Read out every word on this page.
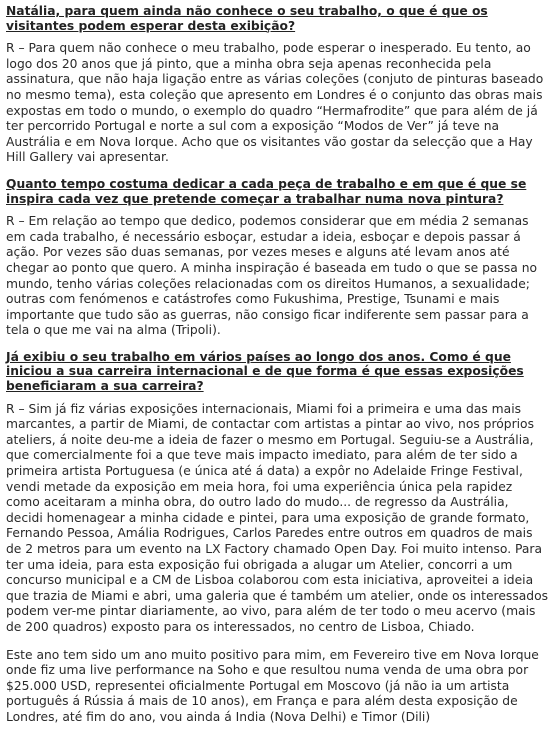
Natália, para quem ainda não conhece o seu trabalho, o que é que os visitantes podem esperar desta exibição?

R – Para quem não conhece o meu trabalho, pode esperar o inesperado. Eu tento, ao logo dos 20 anos que já pinto, que a minha obra seja apenas reconhecida pela assinatura, que não haja ligação entre as várias coleções (conjuto de pinturas baseado no mesmo tema), esta coleção que apresento em Londres é o conjunto das obras mais expostas em todo o mundo, o exemplo do quadro “Hermafrodite” que para além de já ter percorrido Portugal e norte a sul com a exposição “Modos de Ver” já teve na Austrália e em Nova Iorque. Acho que os visitantes vão gostar da selecção que a Hay Hill Gallery vai apresentar.

Quanto tempo costuma dedicar a cada peça de trabalho e em que é que se inspira cada vez que pretende começar a trabalhar numa nova pintura?

R – Em relação ao tempo que dedico, podemos considerar que em média 2 semanas em cada trabalho, é necessário esboçar, estudar a ideia, esboçar e depois passar á ação. Por vezes são duas semanas, por vezes meses e alguns até levam anos até chegar ao ponto que quero. A minha inspiração é baseada em tudo o que se passa no mundo, tenho várias coleções relacionadas com os direitos Humanos, a sexualidade; outras com fenómenos e catástrofes como Fukushima, Prestige, Tsunami e mais importante que tudo são as guerras, não consigo ficar indiferente sem passar para a tela o que me vai na alma (Tripoli).

Já exibiu o seu trabalho em vários países ao longo dos anos. Como é que iniciou a sua carreira internacional e de que forma é que essas exposições beneficiaram a sua carreira?

R – Sim já fiz várias exposições internacionais, Miami foi a primeira e uma das mais marcantes, a partir de Miami, de contactar com artistas a pintar ao vivo, nos próprios ateliers, á noite deu-me a ideia de fazer o mesmo em Portugal. Seguiu-se a Austrália, que comercialmente foi a que teve mais impacto imediato, para além de ter sido a primeira artista Portuguesa (e única até á data) a expôr no Adelaide Fringe Festival, vendi metade da exposição em meia hora, foi uma experiência única pela rapidez como aceitaram a minha obra, do outro lado do mudo... de regresso da Austrália, decidi homenagear a minha cidade e pintei, para uma exposição de grande formato, Fernando Pessoa, Amália Rodrigues, Carlos Paredes entre outros em quadros de mais de 2 metros para um evento na LX Factory chamado Open Day. Foi muito intenso. Para ter uma ideia, para esta exposição fui obrigada a alugar um Atelier, concorri a um concurso municipal e a CM de Lisboa colaborou com esta iniciativa, aproveitei a ideia que trazia de Miami e abri, uma galeria que é também um atelier, onde os interessados podem ver-me pintar diariamente, ao vivo, para além de ter todo o meu acervo (mais de 200 quadros) exposto para os interessados, no centro de Lisboa, Chiado.

Este ano tem sido um ano muito positivo para mim, em Fevereiro tive em Nova Iorque onde fiz uma live performance na Soho e que resultou numa venda de uma obra por $25.000 USD, representei oficialmente Portugal em Moscovo (já não ia um artista português á Rússia á mais de 10 anos), em França e para além desta exposição de Londres, até fim do ano, vou ainda á India (Nova Delhi) e Timor (Dili)
